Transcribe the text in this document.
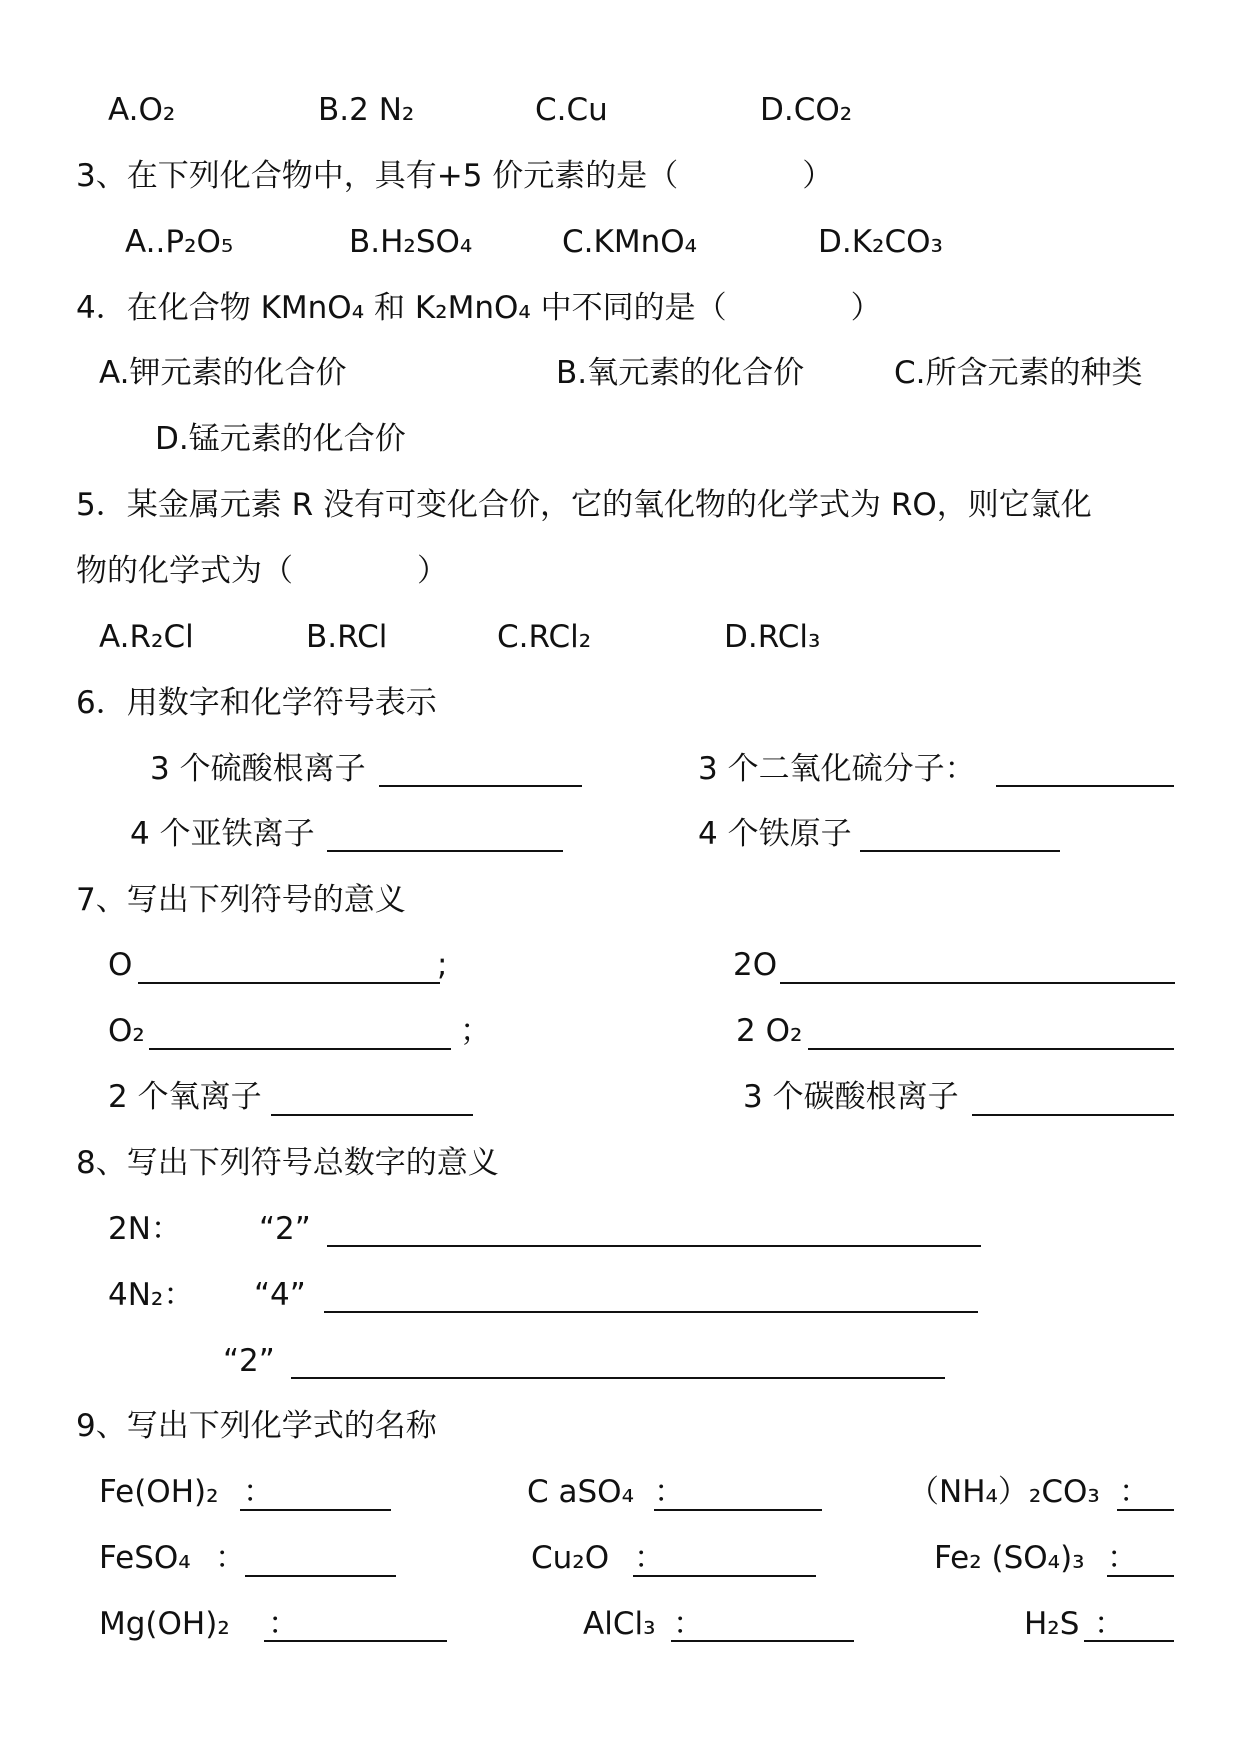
A.O₂	B.2 N₂	C.Cu	D.CO₂
3、在下列化合物中，具有+5 价元素的是（　　　　）
A..P₂O₅	B.H₂SO₄	C.KMnO₄	D.K₂CO₃
4．在化合物 KMnO₄ 和 K₂MnO₄ 中不同的是（　　　　）
A.钾元素的化合价	B.氧元素的化合价	C.所含元素的种类
D.锰元素的化合价
5．某金属元素 R 没有可变化合价，它的氧化物的化学式为 RO，则它氯化
物的化学式为（　　　　）
A.R₂Cl	B.RCl	C.RCl₂	D.RCl₃
6．用数字和化学符号表示
3 个硫酸根离子	3 个二氧化硫分子：
4 个亚铁离子	4 个铁原子
7、写出下列符号的意义
O	;	2O
O₂	；	2 O₂
2 个氧离子	3 个碳酸根离子
8、写出下列符号总数字的意义
2N： “2”
4N₂： “4”
“2”
9、写出下列化学式的名称
Fe(OH)₂ ：	C aSO₄ ：	（NH₄）₂CO₃ ：
FeSO₄ ：	Cu₂O ：	Fe₂ (SO₄)₃ ：
Mg(OH)₂ ：	AlCl₃ ：	H₂S ：
